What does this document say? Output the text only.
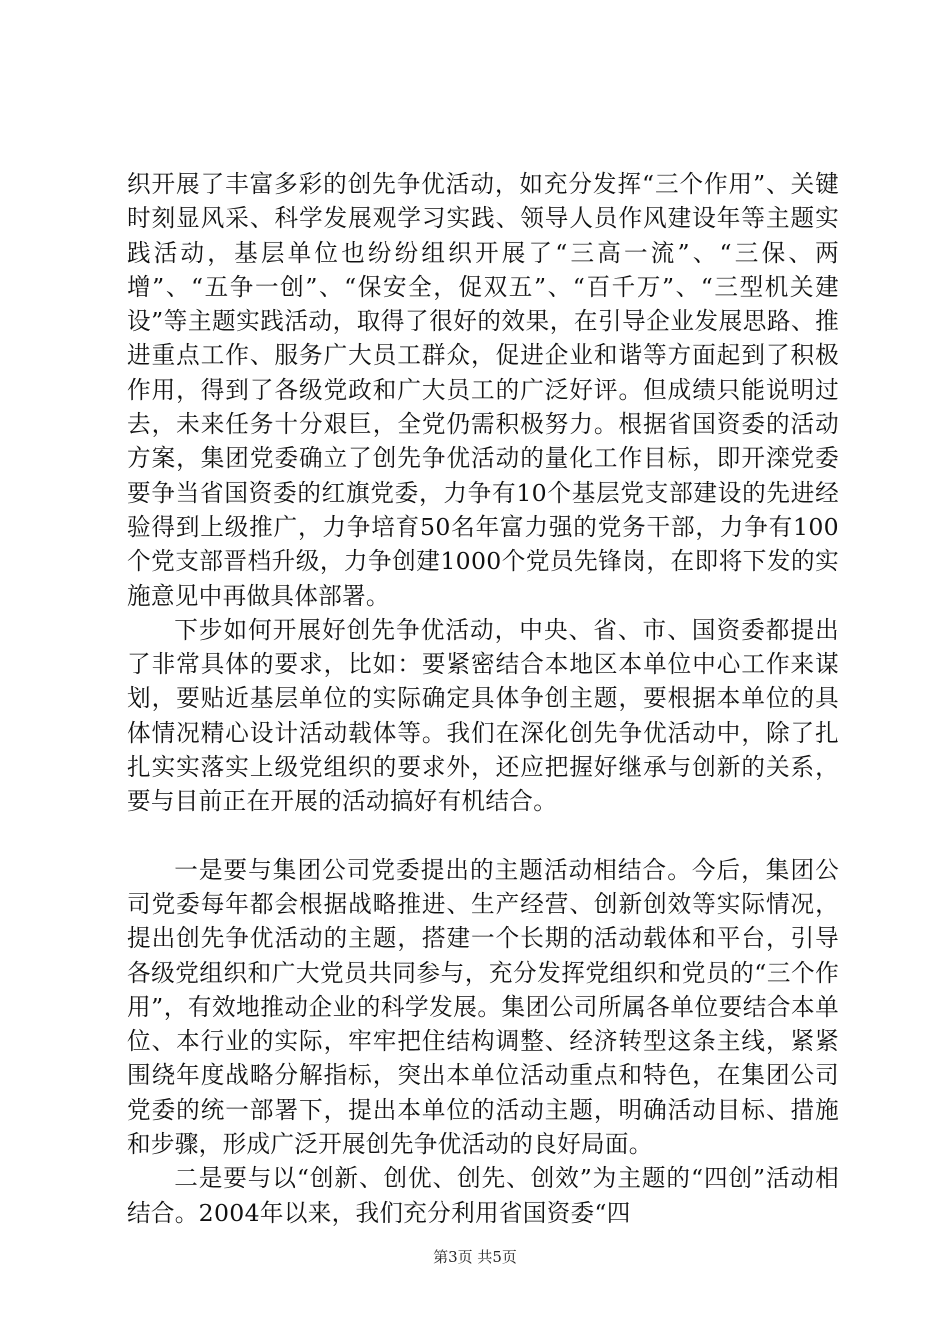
织开展了丰富多彩的创先争优活动，如充分发挥“三个作用”、关键时刻显风采、科学发展观学习实践、领导人员作风建设年等主题实践活动，基层单位也纷纷组织开展了“三高一流”、“三保、两增”、“五争一创”、“保安全，促双五”、“百千万”、“三型机关建设”等主题实践活动，取得了很好的效果，在引导企业发展思路、推进重点工作、服务广大员工群众，促进企业和谐等方面起到了积极作用，得到了各级党政和广大员工的广泛好评。但成绩只能说明过去，未来任务十分艰巨，全党仍需积极努力。根据省国资委的活动方案，集团党委确立了创先争优活动的量化工作目标，即开滦党委要争当省国资委的红旗党委，力争有10个基层党支部建设的先进经验得到上级推广，力争培育50名年富力强的党务干部，力争有100个党支部晋档升级，力争创建1000个党员先锋岗，在即将下发的实施意见中再做具体部署。

下步如何开展好创先争优活动，中央、省、市、国资委都提出了非常具体的要求，比如：要紧密结合本地区本单位中心工作来谋划，要贴近基层单位的实际确定具体争创主题，要根据本单位的具体情况精心设计活动载体等。我们在深化创先争优活动中，除了扎扎实实落实上级党组织的要求外，还应把握好继承与创新的关系，要与目前正在开展的活动搞好有机结合。

一是要与集团公司党委提出的主题活动相结合。今后，集团公司党委每年都会根据战略推进、生产经营、创新创效等实际情况，提出创先争优活动的主题，搭建一个长期的活动载体和平台，引导各级党组织和广大党员共同参与，充分发挥党组织和党员的“三个作用”，有效地推动企业的科学发展。集团公司所属各单位要结合本单位、本行业的实际，牢牢把住结构调整、经济转型这条主线，紧紧围绕年度战略分解指标，突出本单位活动重点和特色，在集团公司党委的统一部署下，提出本单位的活动主题，明确活动目标、措施和步骤，形成广泛开展创先争优活动的良好局面。

二是要与以“创新、创优、创先、创效”为主题的“四创”活动相结合。2004年以来，我们充分利用省国资委“四

第3页 共5页
